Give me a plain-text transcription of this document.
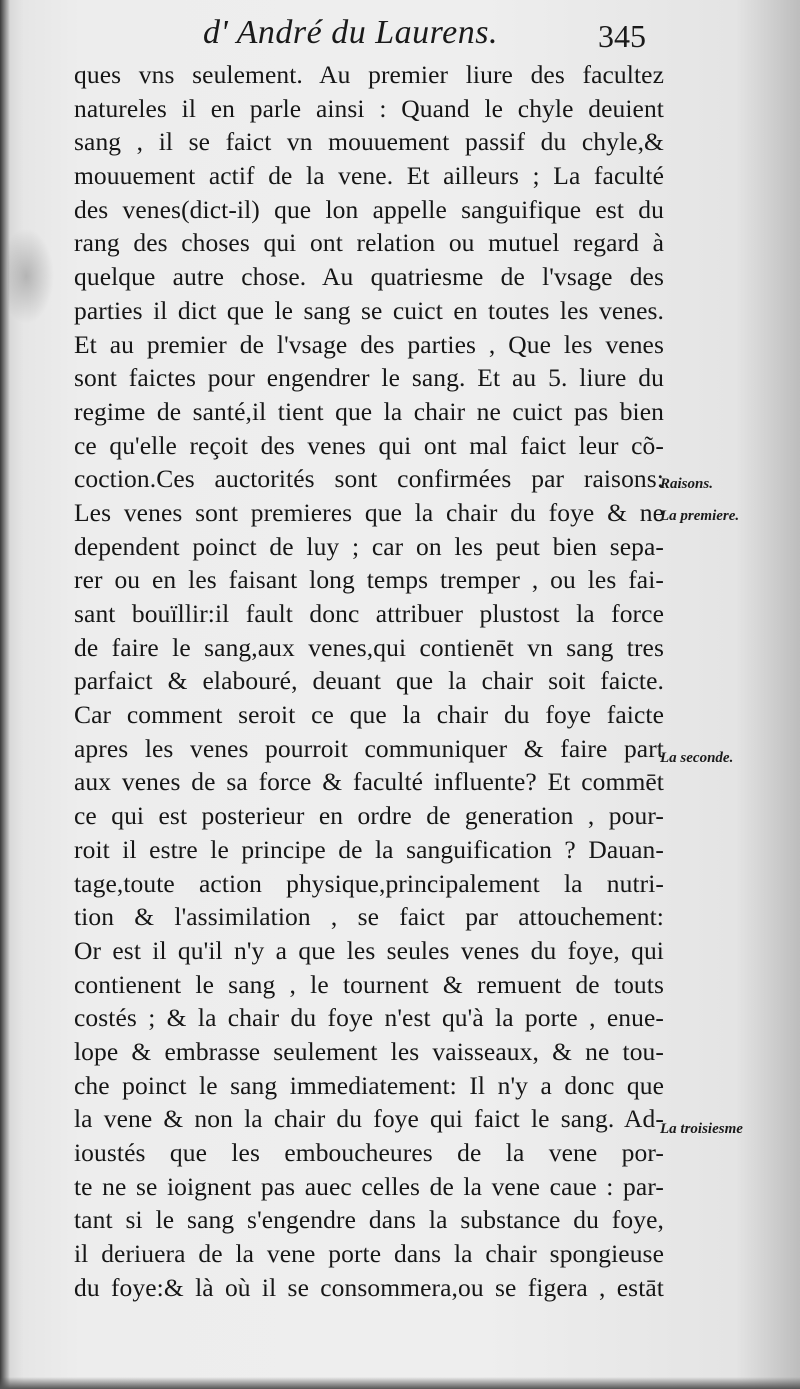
d' André du Laurens.	345
ques vns seulement. Au premier liure des facultez
natureles il en parle ainsi : Quand le chyle deuient
sang , il se faict vn mouuement passif du chyle,&
mouuement actif de la vene. Et ailleurs ; La faculté
des venes(dict-il) que lon appelle sanguifique est du
rang des choses qui ont relation ou mutuel regard à
quelque autre chose. Au quatriesme de l'vsage des
parties il dict que le sang se cuict en toutes les venes.
Et au premier de l'vsage des parties , Que les venes
sont faictes pour engendrer le sang. Et au 5. liure du
regime de santé,il tient que la chair ne cuict pas bien
ce qu'elle reçoit des venes qui ont mal faict leur cõ-
coction.Ces auctorités sont confirmées par raisons:
Les venes sont premieres que la chair du foye & ne
dependent poinct de luy ; car on les peut bien sepa-
rer ou en les faisant long temps tremper , ou les fai-
sant bouïllir:il fault donc attribuer plustost la force
de faire le sang,aux venes,qui contienēt vn sang tres
parfaict & elabouré, deuant que la chair soit faicte.
Car comment seroit ce que la chair du foye faicte
apres les venes pourroit communiquer & faire part
aux venes de sa force & faculté influente? Et commēt
ce qui est posterieur en ordre de generation , pour-
roit il estre le principe de la sanguification ? Dauan-
tage,toute action physique,principalement la nutri-
tion & l'assimilation , se faict par attouchement:
Or est il qu'il n'y a que les seules venes du foye, qui
contienent le sang , le tournent & remuent de touts
costés ; & la chair du foye n'est qu'à la porte , enue-
lope & embrasse seulement les vaisseaux, & ne tou-
che poinct le sang immediatement: Il n'y a donc que
la vene & non la chair du foye qui faict le sang. Ad-
ioustés que les emboucheures de la vene por-
te ne se ioignent pas auec celles de la vene caue : par-
tant si le sang s'engendre dans la substance du foye,
il deriuera de la vene porte dans la chair spongieuse
du foye:& là où il se consommera,ou se figera , estāt
Raisons.
La premiere.
La seconde.
La troisiesme
